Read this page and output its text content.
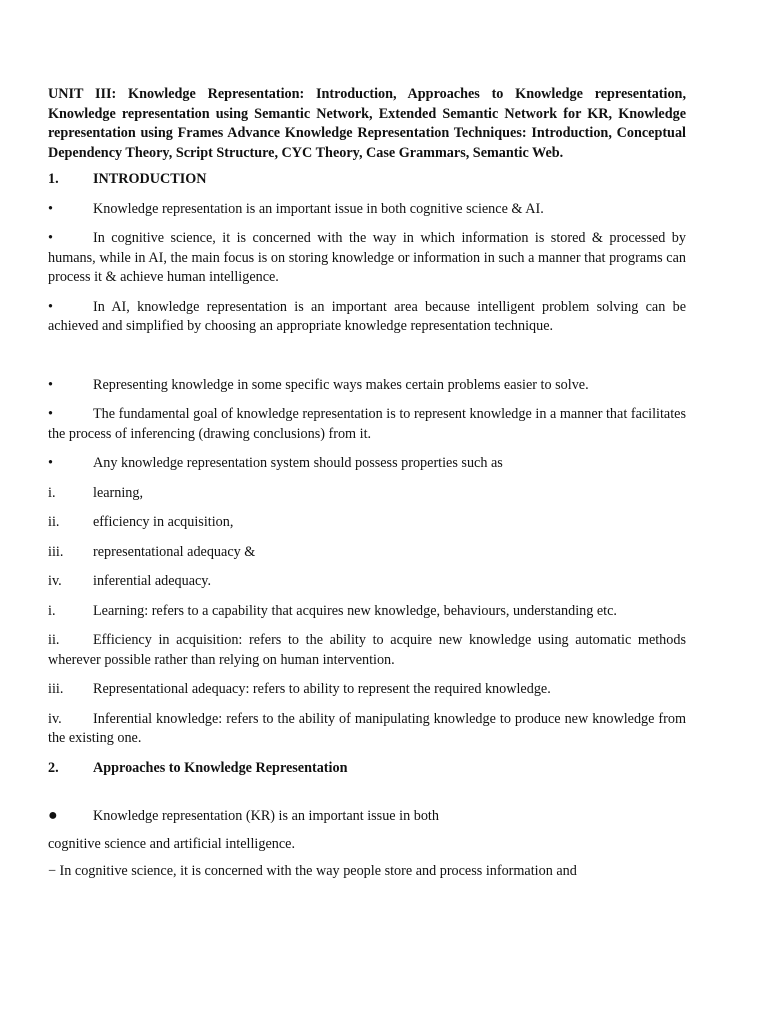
UNIT III: Knowledge Representation: Introduction, Approaches to Knowledge representation, Knowledge representation using Semantic Network, Extended Semantic Network for KR, Knowledge representation using Frames Advance Knowledge Representation Techniques: Introduction, Conceptual Dependency Theory, Script Structure, CYC Theory, Case Grammars, Semantic Web.
1. INTRODUCTION
•	Knowledge representation is an important issue in both cognitive science & AI.
•	In cognitive science, it is concerned with the way in which information is stored & processed by humans, while in AI, the main focus is on storing knowledge or information in such a manner that programs can process it & achieve human intelligence.
•	In AI, knowledge representation is an important area because intelligent problem solving can be achieved and simplified by choosing an appropriate knowledge representation technique.
•	Representing knowledge in some specific ways makes certain problems easier to solve.
•	The fundamental goal of knowledge representation is to represent knowledge in a manner that facilitates the process of inferencing (drawing conclusions) from it.
•	Any knowledge representation system should possess properties such as
i.	learning,
ii. efficiency in acquisition,
iii. representational adequacy &
iv. inferential adequacy.
i.	Learning: refers to a capability that acquires new knowledge, behaviours, understanding etc.
ii. Efficiency in acquisition: refers to the ability to acquire new knowledge using automatic methods wherever possible rather than relying on human intervention.
iii. Representational adequacy: refers to ability to represent the required knowledge.
iv. Inferential knowledge: refers to the ability of manipulating knowledge to produce new knowledge from the existing one.
2. Approaches to Knowledge Representation
● Knowledge representation (KR) is an important issue in both
cognitive science and artificial intelligence.
− In cognitive science, it is concerned with the way people store and process information and
